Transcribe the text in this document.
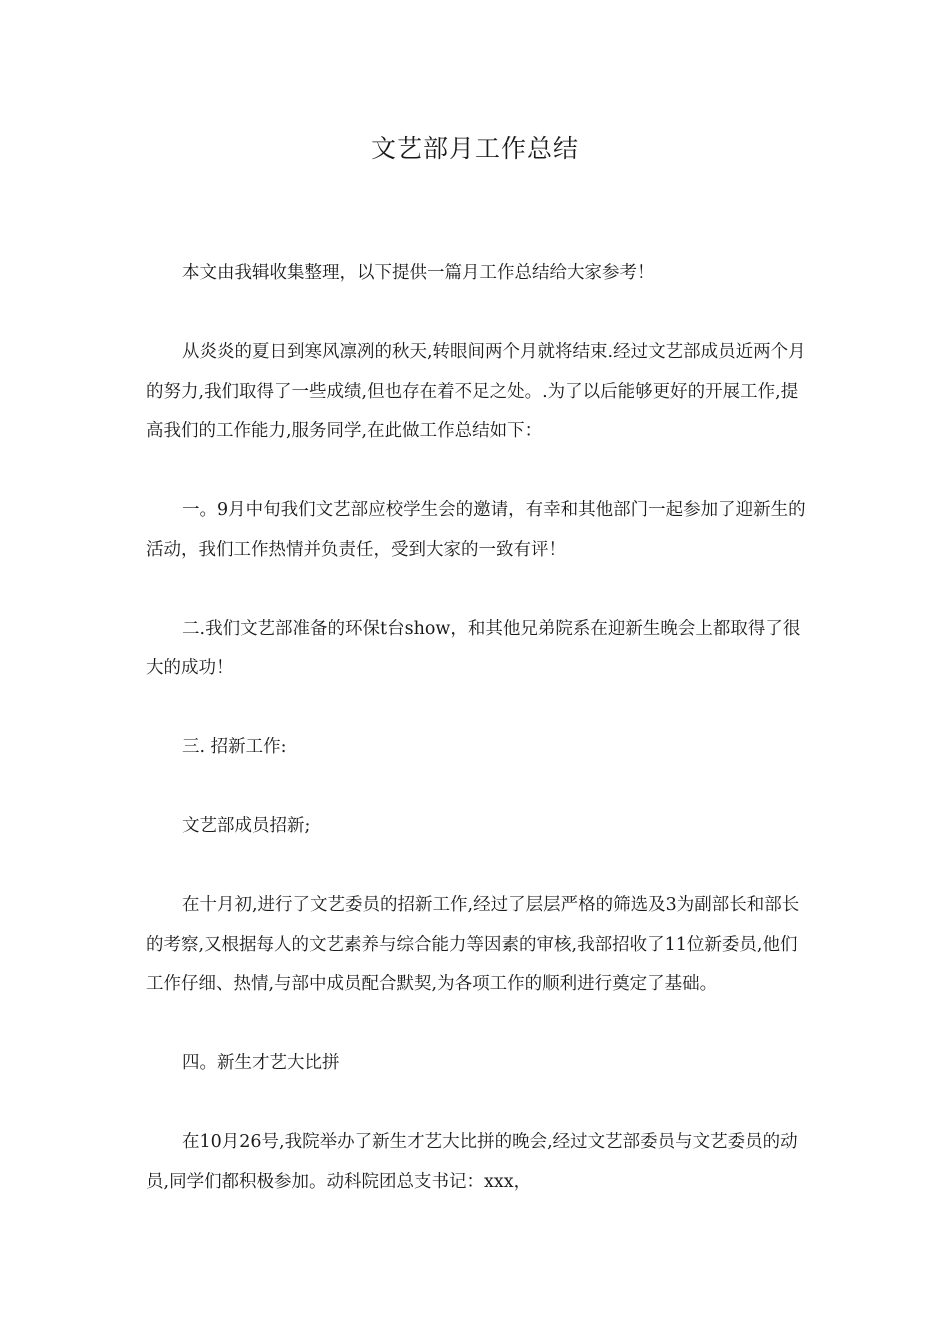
文艺部月工作总结

本文由我辑收集整理，以下提供一篇月工作总结给大家参考！

从炎炎的夏日到寒风凛冽的秋天,转眼间两个月就将结束.经过文艺部成员近两个月的努力,我们取得了一些成绩,但也存在着不足之处。.为了以后能够更好的开展工作,提高我们的工作能力,服务同学,在此做工作总结如下：

一。9月中旬我们文艺部应校学生会的邀请，有幸和其他部门一起参加了迎新生的活动，我们工作热情并负责任，受到大家的一致有评！

二.我们文艺部准备的环保t台show，和其他兄弟院系在迎新生晚会上都取得了很大的成功！

三. 招新工作:

文艺部成员招新;

在十月初,进行了文艺委员的招新工作,经过了层层严格的筛选及3为副部长和部长的考察,又根据每人的文艺素养与综合能力等因素的审核,我部招收了11位新委员,他们工作仔细、热情,与部中成员配合默契,为各项工作的顺利进行奠定了基础。

四。新生才艺大比拼

在10月26号,我院举办了新生才艺大比拼的晚会,经过文艺部委员与文艺委员的动员,同学们都积极参加。动科院团总支书记：xxx，
